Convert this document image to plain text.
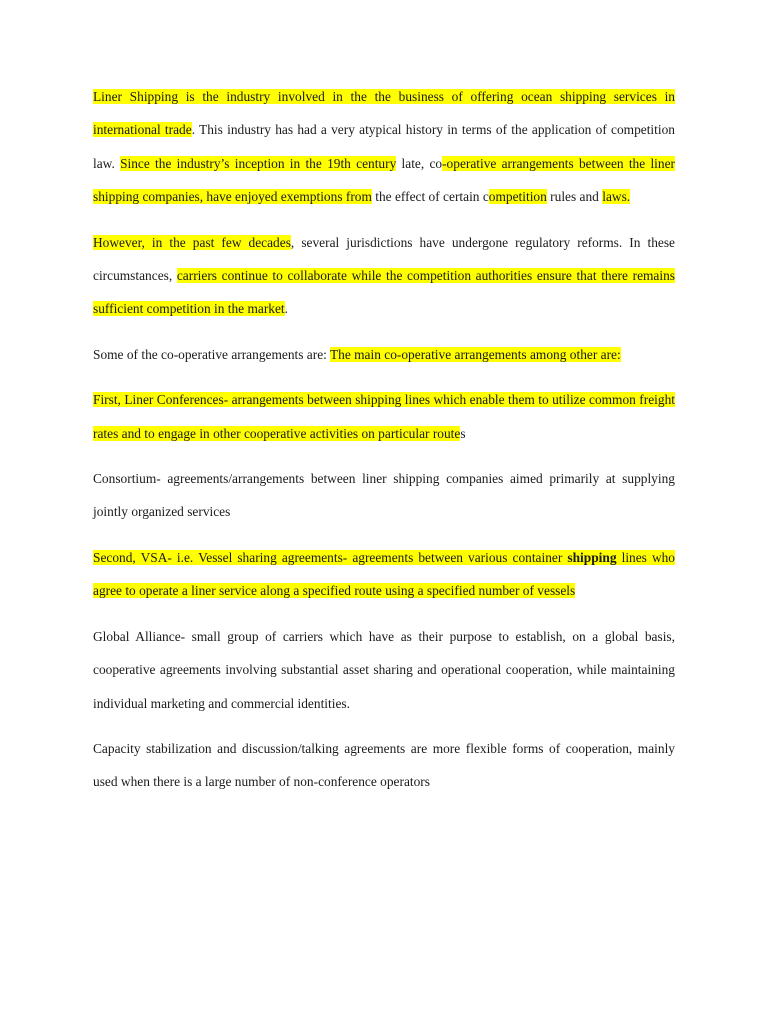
Liner Shipping is the industry involved in the the business of offering ocean shipping services in international trade. This industry has had a very atypical history in terms of the application of competition law. Since the industry’s inception in the 19th century late, co-operative arrangements between the liner shipping companies, have enjoyed exemptions from the effect of certain competition rules and laws.

However, in the past few decades, several jurisdictions have undergone regulatory reforms. In these circumstances, carriers continue to collaborate while the competition authorities ensure that there remains sufficient competition in the market.

Some of the co-operative arrangements are: The main co-operative arrangements among other are:

First, Liner Conferences- arrangements between shipping lines which enable them to utilize common freight rates and to engage in other cooperative activities on particular routes

Consortium- agreements/arrangements between liner shipping companies aimed primarily at supplying jointly organized services

Second, VSA- i.e. Vessel sharing agreements- agreements between various container shipping lines who agree to operate a liner service along a specified route using a specified number of vessels

Global Alliance- small group of carriers which have as their purpose to establish, on a global basis, cooperative agreements involving substantial asset sharing and operational cooperation, while maintaining individual marketing and commercial identities.

Capacity stabilization and discussion/talking agreements are more flexible forms of cooperation, mainly used when there is a large number of non-conference operators
